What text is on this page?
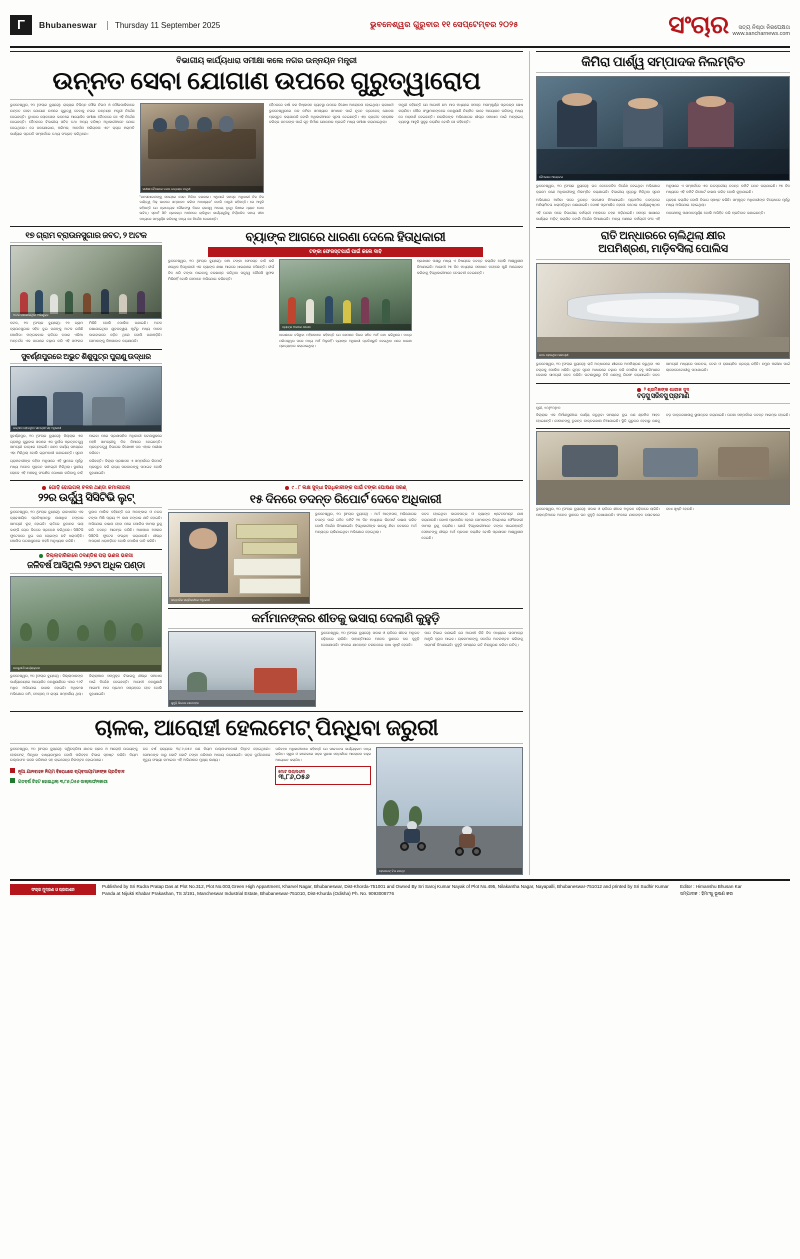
Γ	Bhubaneswar	Thursday 11 September 2025	ଭୁବନେଶ୍ୱର ଗୁରୁବାର ୧୧ ସେପ୍ଟେମ୍ବର ୨୦୨୫	ସଂଚାର	ସତ୍ୟ ନିଷ୍ଠା ନିରପେକ୍ଷତା
www.sancharnews.com
ବିଭାଗୀୟ କାର୍ଯ୍ୟଧାରା ସମୀକ୍ଷା କଲେ ନଗର ଉନ୍ନୟନ ମନ୍ତ୍ରୀ
ଉନ୍ନତ ସେବା ଯୋଗାଣ ଉପରେ ଗୁରୁତ୍ୱାରୋପ
ଭୁବନେଶ୍ୱର, ୧୦ (ସଂଚାର ବ୍ୟୁରୋ): ରାଜ୍ୟର ବିଭିନ୍ନ ପୌର ନିଗମ ଓ ପୌରପାଳିକାରେ ଉନ୍ନତ ସେବା ଯୋଗାଣ ଉପରେ ଗୁରୁତ୍ୱ ଦେବାକୁ ନଗର ଉନ୍ନୟନ ମନ୍ତ୍ରୀ ନିର୍ଦ୍ଦେଶ ଦେଇଛନ୍ତି। ବୁଧବାର ଲୋକସେବା ଭବନରେ ଆୟୋଜିତ ସମୀକ୍ଷା ବୈଠକରେ ସେ ଏହି ନିର୍ଦ୍ଦେଶ ଦେଇଛନ୍ତି। ବୈଠକରେ ବିଭାଗୀୟ ସଚିବ ତଥା ଅନ୍ୟ ବରିଷ୍ଠ ଅଧିକାରୀମାନେ ଯୋଗ ଦେଇଥିଲେ। ସେ ଜଳଯୋଗାଣ, ପରିମଳ, ଆବର୍ଜନା ପରିଚାଳନା ଏବଂ ରାସ୍ତା ମରାମତି କାର୍ଯ୍ୟର ପ୍ରଗତି ସମ୍ପର୍କରେ ତଥ୍ୟ ସଂଗ୍ରହ କରିଥିଲେ।
ସମୀକ୍ଷା ବୈଠକରେ ନଗର ଉନ୍ନୟନ ମନ୍ତ୍ରୀ
"ଜନସାଧାରଣଙ୍କୁ ସମୟରେ ସେବା ମିଳିବା ଦରକାର। ଏଥିପାଇଁ ସମସ୍ତ ଅଧିକାରୀ ନିଜ ନିଜ ଦାୟିତ୍ୱ ଠିକ୍ ଭାବରେ ସମ୍ପାଦନ କରିବା ଆବଶ୍ୟକ" ବୋଲି ମନ୍ତ୍ରୀ କହିଛନ୍ତି। ସେ ଆହୁରି କହିଛନ୍ତି ଯେ ପ୍ରତ୍ୟେକ ପୌରସଂସ୍ଥା ନିଜର ରାଜସ୍ୱ ଆଦାୟ ବୃଦ୍ଧି ଦିଶରେ ଧ୍ୟାନ ଦେବା ଉଚିତ୍। ସ୍ମାର୍ଟ ସିଟି ପ୍ରକଳ୍ପ ଅଧୀନରେ ଚାଲିଥିବା କାର୍ଯ୍ୟଗୁଡ଼ିକୁ ନିର୍ଦ୍ଧାରିତ ସମୟ ସୀମା ମଧ୍ୟରେ ସମ୍ପୂର୍ଣ୍ଣ କରିବାକୁ ମଧ୍ୟ ସେ ନିର୍ଦ୍ଦେଶ ଦେଇଛନ୍ତି।
ବୈଠକରେ ବର୍ଷା ଜଳ ନିଷ୍କାସନ ବ୍ୟବସ୍ଥା ଉପରେ ବିଶେଷ ଆଲୋଚନା ହୋଇଥିଲା। ରାଜଧାନୀ ଭୁବନେଶ୍ୱରରେ ଜଳ ଜମିବା ସମସ୍ୟାର ସମାଧାନ ପାଇଁ ନୂତନ ଡ୍ରେନେଜ୍ ଯୋଜନା ପ୍ରସ୍ତୁତ କରାଯାଉଛି ବୋଲି ଅଧିକାରୀମାନେ ସୂଚନା ଦେଇଛନ୍ତି। ଏହା ବ୍ୟତୀତ ସହରାଞ୍ଚଳ ଦରିଦ୍ର ଜନତାଙ୍କ ପାଇଁ ଗୃହ ନିର୍ମାଣ ଯୋଜନାର ପ୍ରଗତି ମଧ୍ୟ ସମୀକ୍ଷା କରାଯାଇଥିଲା।
ମନ୍ତ୍ରୀ କହିଛନ୍ତି ଯେ ଆଗାମୀ ଛଅ ମାସ ମଧ୍ୟରେ ସମସ୍ତ ଅସମ୍ପୂର୍ଣ୍ଣ ପ୍ରକଳ୍ପ ଶେଷ କରାଯିବ। ପୌର ସଂସ୍ଥାମାନଙ୍କରେ ଜନଶୁଣାଣି ନିୟମିତ ଭାବେ ଆୟୋଜନ କରିବାକୁ ମଧ୍ୟ ସେ ପରାମର୍ଶ ଦେଇଛନ୍ତି। ନାଗରିକଙ୍କ ଅଭିଯୋଗର ଶୀଘ୍ର ସମାଧାନ ପାଇଁ ଅନ୍‌ଲାଇନ୍ ବ୍ୟବସ୍ଥା ଆହୁରି ସୁଦୃଢ଼ କରାଯିବ ବୋଲି ସେ କହିଛନ୍ତି।
୧୭ ଗ୍ରାମ ବ୍ରାଉନସୁଗାର ଜବତ, ୨ ଅଟକ
ଅଟକ ରଖାଯାଇଥିବା ଅଭିଯୁକ୍ତ
କଟକ, ୧୦ (ସଂଚାର ବ୍ୟୁରୋ): ୧୭ ଗ୍ରାମ ବ୍ରାଉନସୁଗାର ସହିତ ଦୁଇ ଜଣଙ୍କୁ ଅଟକ ରଖିଛି ପୋଲିସ। ମଙ୍ଗଳବାର ରାତିରେ ବଜାର ଏରିଆ ଅନ୍ତର୍ଗତ ଏକ ଜାଗାରେ ଚଢ଼ାଉ କରି ଏହି ସଫଳତା ମିଳିଛି ବୋଲି ପୋଲିସ ଜଣାଇଛି। ଅଟକ ରଖାଯାଇଥିବା ଯୁବକଦ୍ୱୟ ପୂର୍ବରୁ ମଧ୍ୟ ମାଦକ କାରବାରରେ ଜଡ଼ିତ ଥିଲେ ବୋଲି ଜଣାପଡ଼ିଛି। ସେମାନଙ୍କୁ ଜିଜ୍ଞାସାବାଦ କରାଯାଉଛି।
ସୁବର୍ଣ୍ଣପୁରରେ ଅଭୁତ ଶିଶୁପୁତ୍ର ପୁରାଣୁ ଉଦ୍ଧାର
ଉଦ୍ଧାର ହୋଇଥିବା ସାମଗ୍ରୀ ସହ ଅଧିକାରୀ
ସୁବର୍ଣ୍ଣପୁର, ୧୦ (ସଂଚାର ବ୍ୟୁରୋ): ଜିଲ୍ଲାର ଏକ ଗ୍ରାମରୁ ଗୁରୁବାର ସକାଳେ ଏକ ଦୁର୍ଲଭ ପ୍ରତ୍ନତତ୍ତ୍ୱ ସାମଗ୍ରୀ ଉଦ୍ଧାର ହୋଇଛି। ଖନନ କାର୍ଯ୍ୟ ସମୟରେ ଏହା ମିଳିଥିଲା ବୋଲି ଗ୍ରାମବାସୀ ଜଣାଇଛନ୍ତି। ସୂଚନା ପାଇବା ପରେ ପ୍ରଶାସନିକ ଅଧିକାରୀ ଘଟଣାସ୍ଥଳରେ ପହଞ୍ଚି ସାମଗ୍ରୀକୁ ନିଜ ଜିମାରେ ନେଇଛନ୍ତି। ପ୍ରତ୍ନତତ୍ତ୍ୱ ବିଭାଗର ବିଶେଷଜ୍ଞ ଦଳ ଏହାର ପରୀକ୍ଷା କରିବେ।
ଗ୍ରାମବାସୀଙ୍କ କହିବା ଅନୁସାରେ ଏହି ସ୍ଥାନରେ ପୂର୍ବରୁ ମଧ୍ୟ ଅନେକ ପୁରାତନ ସାମଗ୍ରୀ ମିଳିଥିଲା। ସ୍ଥାନୀୟ ଲୋକେ ଏହି ଅଞ୍ଚଳକୁ ସଂରକ୍ଷିତ ଘୋଷଣା କରିବାକୁ ଦାବି କରିଛନ୍ତି। ଜିଲ୍ଲା ପ୍ରଶାସନ ଏ ସମ୍ପର୍କରେ ରିପୋର୍ଟ ପ୍ରସ୍ତୁତ କରି ରାଜ୍ୟ ସରକାରଙ୍କୁ ପଠାଇବ ବୋଲି କୁହାଯାଇଛି।
ବ୍ୟାଙ୍କ ଆଗରେ ଧାରଣା ଦେଲେ ହିତାଧିକାରୀ
ଟଙ୍କା ଫେରସ୍ତପାଇଁ ପାଇଁ କଲେ ଦାବି
ଭୁବନେଶ୍ୱର, ୧୦ (ସଂଚାର ବ୍ୟୁରୋ): ଜମା ଟଙ୍କା ଫେରସ୍ତ ଦାବି କରି ଶତାଧିକ ହିତାଧିକାରୀ ଏକ ବ୍ୟାଙ୍କ ଶାଖା ଆଗରେ ଧାରଣାରେ ବସିଛନ୍ତି। ଦୀର୍ଘ ଦିନ ଧରି ଟଙ୍କା ପାଇବାକୁ ଦରଖାସ୍ତ କରିଥିବା ସତ୍ତ୍ୱେ କୌଣସି ସୁଫଳ ମିଳିନାହିଁ ବୋଲି ସେମାନେ ଅଭିଯୋଗ କରିଛନ୍ତି।
ବ୍ୟାଙ୍କ ଆଗରେ ଧାରଣା
ଧାରଣାରେ ବସିଥିବା ମହିଳାମାନେ କହିଛନ୍ତି ଯେ ସେମାନେ ନିଜର ସଞ୍ଚିତ ଅର୍ଥ ଜମା କରିଥିଲେ। ମାତ୍ର ପରିପକ୍ୱତା ପରେ ମଧ୍ୟ ଅର୍ଥ ମିଳୁନାହିଁ। ବ୍ୟାଙ୍କ ଅଧିକାରୀ ପ୍ରତିଶ୍ରୁତି ଦେଇଥିବା ପରେ ଧାରଣା ପ୍ରତ୍ୟାହାର କରାଯାଇଥିଲା।
ପ୍ରଶାସନ ପକ୍ଷରୁ ମଧ୍ୟ ଏ ବିଷୟରେ ତଦନ୍ତ କରାଯିବ ବୋଲି ଆଶ୍ୱାସନା ଦିଆଯାଇଛି। ଆଗାମୀ ୧୫ ଦିନ ମଧ୍ୟରେ ସମାଧାନ ନହେଲେ ପୁଣି ଆନ୍ଦୋଳନ କରିବାକୁ ହିତାଧିକାରୀମାନେ ଚେତାବନୀ ଦେଇଛନ୍ତି।
ଗୋଡ଼ି ହୋଇଗଲା ଚଳର ଥଣ୍ଡା କମାଲୀଗଲା
୨୨ର ଉର୍ଦ୍ଧ୍ୱ ସିସିଟିଭି ଲୁଟ୍
ଭୁବନେଶ୍ୱର, ୧୦ (ସଂଚାର ବ୍ୟୁରୋ): ରାଜଧାନୀର ଏକ ବ୍ୟବସାୟିକ ପ୍ରତିଷ୍ଠାନରୁ ଲକ୍ଷାଧିକ ଟଙ୍କାର ସାମଗ୍ରୀ ଲୁଟ୍ ହୋଇଛି। ରାତିରେ ଦୁକାନର ତାଲା ଭାଙ୍ଗି ଚୋର ଭିତରେ ପ୍ରବେଶ କରିଥିଲେ। ସିସିଟିଭି ଫୁଟେଜରେ ଦୁଇ ଜଣ ଚୋରଙ୍କ ଛବି ଧରାପଡ଼ିଛି। ପୋଲିସ ଘଟଣାସ୍ଥଳରେ ପହଞ୍ଚି ଅନୁଧ୍ୟାନ କରିଛି।
ଦୁକାନ ମାଲିକ କହିଛନ୍ତି ଯେ ଅଳଙ୍କାର ଓ ନଗଦ ଟଙ୍କା ମିଶି ପ୍ରାୟ ୨୨ ଲକ୍ଷ ଟଙ୍କାର କ୍ଷତି ହୋଇଛି। ଅଭିଯୋଗ ଦାଖଲ ହେବା ପରେ ପୋଲିସ ମାମଲା ରୁଜୁ କରି ତଦନ୍ତ ଆରମ୍ଭ କରିଛି। ଆଖପାଖ ଅଞ୍ଚଳର ସିସିଟିଭି ଫୁଟେଜ ସଂଗ୍ରହ କରାଯାଉଛି। ଶୀଘ୍ର ଅପରାଧୀ ଧରାପଡ଼ିବେ ବୋଲି ପୋଲିସ ଦାବି କରିଛି।
ଜିଲ୍ଲାବାରିକାରେ ଠଦଣ୍ଡିଶ ପରା ଭଣନା ଭରସା
ଜଳିବର୍ଷ ଆସିଥିଲି ୨୬ଟା ଅଧିକ ପଣ୍ଡା
ଜନଶୁଣାଣି କାର୍ଯ୍ୟକ୍ରମ
ଭୁବନେଶ୍ୱର, ୧୦ (ସଂଚାର ବ୍ୟୁରୋ) : ଜିଲ୍ଲାପାଳଙ୍କ କାର୍ଯ୍ୟାଳୟରେ ଆୟୋଜିତ ଜନଶୁଣାଣିରେ ଏଥର ୨୬ଟି ଅଧିକ ଅଭିଯୋଗ ଦାଖଲ ହୋଇଛି। ଅଧିକାଂଶ ଅଭିଯୋଗ ଜମି, ପେନ୍‌ସନ୍ ଓ ରାସ୍ତା ସମ୍ପର୍କୀୟ ଥିଲା। ଜିଲ୍ଲାପାଳ ସମ୍ପୃକ୍ତ ବିଭାଗକୁ ଶୀଘ୍ର ସମାଧାନ ପାଇଁ ନିର୍ଦ୍ଦେଶ ଦେଇଛନ୍ତି। ଆଗାମୀ ଜନଶୁଣାଣି ଆଗାମୀ ମାସ ପ୍ରଥମ ସପ୍ତାହରେ ହେବ ବୋଲି କୁହାଯାଇଛି।
୯ . ୮ ଲକ୍ଷ ସୁଦ୍ଧା ହିତାଧିକାରୀଙ୍କ ପାଇଁ ଟଙ୍କା ଘୋଷଣା ସରଣ୍
୧୫ ଦିନରେ ତଦନ୍ତ ରିପୋର୍ଟ ଦେବେ ଅଧିକାରୀ
ସାମ୍ବାଦିକ ସମ୍ମିଳନୀରେ ଅଧିକାରୀ
ଭୁବନେଶ୍ୱର, ୧୦ (ସଂଚାର ବ୍ୟୁରୋ) : ଅର୍ଥ ଆତ୍ମସାତ୍ ଅଭିଯୋଗର ତଦନ୍ତ ପାଇଁ ଗଠିତ କମିଟି ୧୫ ଦିନ ମଧ୍ୟରେ ରିପୋର୍ଟ ଦାଖଲ କରିବ ବୋଲି ନିର୍ଦ୍ଦେଶ ଦିଆଯାଇଛି। ହିତାଧିକାରୀଙ୍କ ଖାତାକୁ ଯିବା ବଦଳରେ ଅର୍ଥ ଅନ୍ୟତ୍ର ଚାଲିଯାଇଥିବା ଅଭିଯୋଗ ହୋଇଥିଲା।
ଜବତ ହୋଇଥିବା କାଗଜପତ୍ର ଓ ବ୍ୟାଙ୍କ ଷ୍ଟେଟମେଣ୍ଟ ଯାଞ୍ଚ କରାଯାଉଛି। ଦୋଷୀ ପ୍ରମାଣିତ ହେଲେ ସେମାନଙ୍କ ବିରୋଧରେ ଫୌଜଦାରୀ ମାମଲା ରୁଜୁ କରାଯିବ। ଯେଉଁ ହିତାଧିକାରୀମାନେ ଟଙ୍କା ପାଇନାହାନ୍ତି ସେମାନଙ୍କୁ ଶୀଘ୍ର ଅର୍ଥ ପ୍ରଦାନ କରାଯିବ ବୋଲି ପ୍ରଶାସନ ଆଶ୍ୱାସନା ଦେଇଛି।
କର୍ମମାନଙ୍କର ଶୀତକୁ ଭସାରା ଦେଲାଣି କୁହୁଡ଼ି
କୁହୁଡ଼ି ଭିତରେ ଯାନବାହନ
ଭୁବନେଶ୍ୱର, ୧୦ (ସଂଚାର ବ୍ୟୁରୋ): ସକାଳ ଓ ରାତିରେ ଶୀତର ଅନୁଭବ ବଢ଼ିବାରେ ଲାଗିଛି। ପାହାନ୍ତିଆରେ ଅନେକ ସ୍ଥାନରେ ଘନ କୁହୁଡ଼ି ଦେଖାଯାଉଛି। ଫଳରେ ଯାନବାହନ ଚଳାଚଳରେ ବାଧା ସୃଷ୍ଟି ହେଉଛି।
ପାଗ ବିଭାଗ ଜଣାଇଛି ଯେ ଆଗାମୀ କିଛି ଦିନ ମଧ୍ୟରେ ତାପମାତ୍ରା ଆହୁରି ହ୍ରାସ ପାଇବ। ଚାଳକମାନଙ୍କୁ ସତର୍କତା ଅବଲମ୍ବନ କରିବାକୁ ପରାମର୍ଶ ଦିଆଯାଇଛି। କୁହୁଡ଼ି ସମୟରେ ଗତି ନିୟନ୍ତ୍ରଣ କରିବା ଉଚିତ୍।
ଚାଳକ, ଆରୋହୀ ହେଲମେଟ୍ ପିନ୍ଧିବା ଜରୁରୀ
ଭୁବନେଶ୍ୱର, ୧୦ (ସଂଚାର ବ୍ୟୁରୋ): ଦ୍ୱିଚକ୍ରିଆ ଯାନର ଚାଳକ ଓ ଆରୋହୀ ଉଭୟଙ୍କୁ ହେଲମେଟ୍ ପିନ୍ଧିବା ବାଧ୍ୟତାମୂଳକ ବୋଲି ପରିବହନ ବିଭାଗ ସ୍ପଷ୍ଟ କରିଛି। ନିୟମ ଉଲ୍ଲଙ୍ଘନ କଲେ ଜରିମାନା ସହ ଲାଇସେନ୍ସ ନିଲମ୍ବନ ହୋଇପାରେ।
ନୂଆ ଯାନବାହନ ନିୟମ ବିରୋଧରେ ବ୍ୟବସାୟୀମାନଙ୍କ ପ୍ରତିବାଦ
ଗତବର୍ଷ ଚିହଟ ହୋଇଥିଲା ୩,୮୬,୦୫୬ ଉଲ୍ଲଙ୍ଘନକାରୀ
ଗତ ବର୍ଷ ରାଜ୍ୟରେ ୩,୮୬,୦୫୬ ଜଣ ନିୟମ ଉଲ୍ଲଙ୍ଘନକାରୀ ଚିହ୍ନଟ ହୋଇଥିଲେ। ସେମାନଙ୍କ ଠାରୁ କୋଟି କୋଟି ଟଙ୍କା ଜରିମାନା ଆଦାୟ କରାଯାଇଛି। ସଡ଼କ ଦୁର୍ଘଟଣାରେ ମୃତ୍ୟୁ ସଂଖ୍ୟା କମାଇବା ଏହି ଅଭିଯାନର ମୁଖ୍ୟ ଲକ୍ଷ୍ୟ।
ପରିବହନ ଅଧିକାରୀମାନେ କହିଛନ୍ତି ଯେ ସଚେତନତା କାର୍ଯ୍ୟକ୍ରମ ମଧ୍ୟ ଚାଲିବ। ସ୍କୁଲ ଓ କଲେଜରେ ସଡ଼କ ସୁରକ୍ଷା ସମ୍ପର୍କରେ ଆଲୋଚନା ଚକ୍ର ଆୟୋଜନ କରାଯିବ।
ମୋଟ ଉଲ୍ଲଙ୍ଘନ
୩,୮୬,୦୫୬
ହେଲମେଟ୍ ବିନା ଯାତ୍ରା
କିମିରା ପାର୍ଶ୍ୱ ସମ୍ପାଦକ ନିଲମ୍ବିତ
ବୈଠକରେ ଆଲୋଚନା
ଭୁବନେଶ୍ୱର, ୧୦ (ସଂଚାର ବ୍ୟୁରୋ): ଗତ କେତେକଦିନ ନିର୍ଦ୍ଦେଶ ଦେଇଥିବା ଅଭିଯୋଗ କ୍ରମେ ଜଣେ ଅଧିକାରୀଙ୍କୁ ନିଲମ୍ବିତ କରାଯାଇଛି। ବିଭାଗୀୟ ସୂତ୍ରରୁ ମିଳିଥିବା ସୂଚନା ଅନୁସାରେ ଏ ସମ୍ପର୍କରେ ଏକ ଉଚ୍ଚସ୍ତରୀୟ ତଦନ୍ତ କମିଟି ଗଠନ କରାଯାଇଛି। ୧୫ ଦିନ ମଧ୍ୟରେ ଏହି କମିଟି ରିପୋର୍ଟ ଦାଖଲ କରିବ ବୋଲି କୁହାଯାଇଛି।
ଅଭିଯୋଗ ଆସିବା ପରେ ତୁରନ୍ତ ପଦକ୍ଷେପ ନିଆଯାଇଛି। ପ୍ରାଥମିକ ତଦନ୍ତରେ ଅନିୟମିତତା ଧରାପଡ଼ିଥିବା ଜଣାଯାଇଛି। ଦୋଷୀ ପ୍ରମାଣିତ ହେଲେ କଠୋର କାର୍ଯ୍ୟାନୁଷ୍ଠାନ ଗ୍ରହଣ କରାଯିବ ବୋଲି ବିଭାଗ ସ୍ପଷ୍ଟ କରିଛି। ସମ୍ପୃକ୍ତ ଅଧିକାରୀଙ୍କ ବିରୋଧରେ ପୂର୍ବରୁ ମଧ୍ୟ ଅଭିଯୋଗ ହୋଇଥିଲା।
ଏହି ଘଟଣା ପରେ ବିଭାଗୀୟ କର୍ମଚାରୀ ମହଲରେ ଚହଳ ପଡ଼ିଯାଇଛି। ସମସ୍ତ ଶାଖାରେ କାର୍ଯ୍ୟର ଅଡ଼ିଟ୍ କରାଯିବ ବୋଲି ନିର୍ଦ୍ଦେଶ ଦିଆଯାଇଛି। ଅନ୍ୟ ପକ୍ଷରେ କର୍ମଚାରୀ ସଂଘ ଏହି ପଦକ୍ଷେପକୁ ପକ୍ଷପାତପୂର୍ଣ୍ଣ ବୋଲି ଅଭିହିତ କରି ପ୍ରତିବାଦ ଜଣାଇଛନ୍ତି।
ରାତି ଅନ୍ଧାରରେ ଚାଲିଥିଲା କ୍ଷୀର
ଅପମିଶ୍ରଣ, ମାଡ଼ିବସିଲା ପୋଲିସ
ଜବତ ହୋଇଥିବା ସାମଗ୍ରୀ
ଭୁବନେଶ୍ୱର, ୧୦ (ସଂଚାର ବ୍ୟୁରୋ): ରାତି ଅନ୍ଧାରରେ କ୍ଷୀରରେ ଅପମିଶ୍ରଣ କରୁଥିବା ଏକ ଚକ୍ରକୁ ପୋଲିସ ଧରିଛି। ଗୁପ୍ତ ସୂଚନା ଆଧାରରେ ଚଢ଼ାଉ କରି ପୋଲିସ ବହୁ ପରିମାଣର ଭେଜାଲ ସାମଗ୍ରୀ ଜବତ କରିଛି। ଘଟଣାସ୍ଥଳରୁ ତିନି ଜଣଙ୍କୁ ଗିରଫ କରାଯାଇଛି। ଜବତ ସାମଗ୍ରୀ ମଧ୍ୟରେ ପାଉଡର, ତେଲ ଓ ରାସାୟନିକ ଦ୍ରବ୍ୟ ରହିଛି। ନମୁନା ପରୀକ୍ଷା ପାଇଁ ଲାବୋରେଟୋରୀକୁ ପଠାଯାଇଛି।
୨ ଶ୍ରମିକଙ୍କ ଶାରୀକ ସୁଦ
ବଡ଼ସୁ ସରିବସୁ ପ୍ରାମାଣି
ପୁରୀ, ୧୦(୨'୦)୧୦
ଜିଲ୍ଲାର ଏକ ନିର୍ମାଣସ୍ଥଳୀରେ କାର୍ଯ୍ୟ କରୁଥିବା ସମୟରେ ଦୁଇ ଜଣ ଶ୍ରମିକ ଆହତ ହୋଇଛନ୍ତି। ସେମାନଙ୍କୁ ତୁରନ୍ତ ଡାକ୍ତରଖାନା ନିଆଯାଇଛି। ସ୍ଥିତି ଗୁରୁତର ହେବାରୁ ଜଣକୁ ବଡ଼ ଡାକ୍ତରଖାନାକୁ ସ୍ଥାନାନ୍ତର କରାଯାଇଛି। ଘଟଣା ସମ୍ପର୍କରେ ତଦନ୍ତ ଆରମ୍ଭ ହୋଇଛି।
ଭୁବନେଶ୍ୱର, ୧୦ (ସଂଚାର ବ୍ୟୁରୋ): ସକାଳ ଓ ରାତିରେ ଶୀତର ଅନୁଭବ ବଢ଼ିବାରେ ଲାଗିଛି। ପାହାନ୍ତିଆରେ ଅନେକ ସ୍ଥାନରେ ଘନ କୁହୁଡ଼ି ଦେଖାଯାଉଛି। ଫଳରେ ଯାନବାହନ ଚଳାଚଳରେ ବାଧା ସୃଷ୍ଟି ହେଉଛି।
ସଂଚାର ମୁଦ୍ରଣ ଓ ପ୍ରକାଶନ
Published by Sri Rudra Pratap Das at Plot No.312, Plot No.003,Green High Appartment, Kharvel Nagar, Bhubaneswar, Dist-Khorda-751001 and Owned By Sri Saroj Kumar Nayak of Plot No.495, Nilakantha Nagar, Nayapalli, Bhubaneswar-751012 and printed by Sri Sudhir Kumar Panda at Nijukti Khabar Prakashan, TS 3/191, Mancheswar Industrial Estate, Bhubaneswar-751010, Dist-Khurda (Odisha) Ph. No. 9093008776
Editor : Himanshu Bhusan Kar
ସମ୍ପାଦକ : ହିମାଂଶୁ ଭୂଷଣ କର
